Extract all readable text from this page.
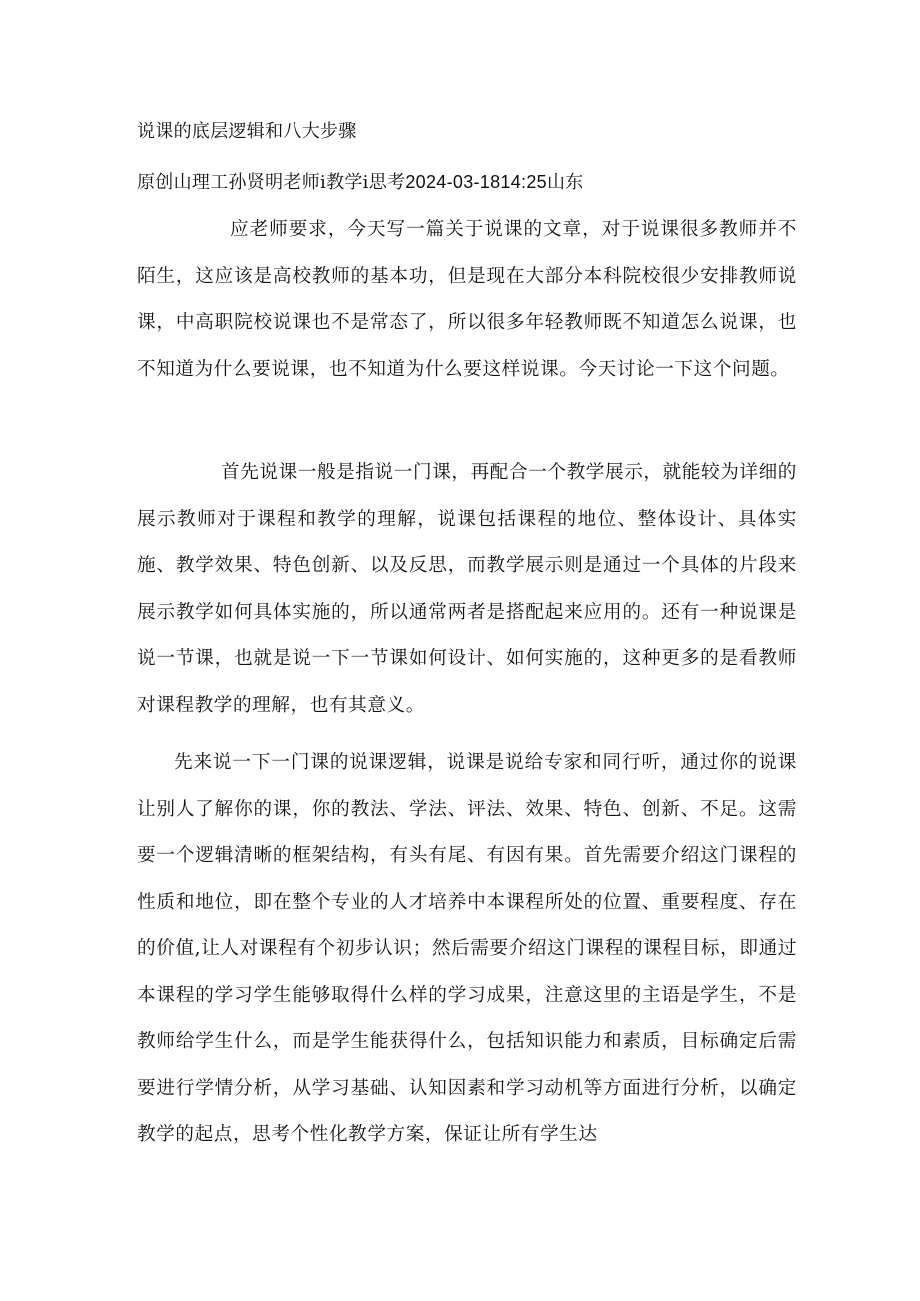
说课的底层逻辑和八大步骤
原创山理工孙贤明老师i教学i思考2024-03-1814:25山东

应老师要求，今天写一篇关于说课的文章，对于说课很多教师并不陌生，这应该是高校教师的基本功，但是现在大部分本科院校很少安排教师说课，中高职院校说课也不是常态了，所以很多年轻教师既不知道怎么说课，也不知道为什么要说课，也不知道为什么要这样说课。今天讨论一下这个问题。

首先说课一般是指说一门课，再配合一个教学展示，就能较为详细的展示教师对于课程和教学的理解，说课包括课程的地位、整体设计、具体实施、教学效果、特色创新、以及反思，而教学展示则是通过一个具体的片段来展示教学如何具体实施的，所以通常两者是搭配起来应用的。还有一种说课是说一节课，也就是说一下一节课如何设计、如何实施的，这种更多的是看教师对课程教学的理解，也有其意义。

先来说一下一门课的说课逻辑，说课是说给专家和同行听，通过你的说课让别人了解你的课，你的教法、学法、评法、效果、特色、创新、不足。这需要一个逻辑清晰的框架结构，有头有尾、有因有果。首先需要介绍这门课程的性质和地位，即在整个专业的人才培养中本课程所处的位置、重要程度、存在的价值,让人对课程有个初步认识；然后需要介绍这门课程的课程目标，即通过本课程的学习学生能够取得什么样的学习成果，注意这里的主语是学生，不是教师给学生什么，而是学生能获得什么，包括知识能力和素质，目标确定后需要进行学情分析，从学习基础、认知因素和学习动机等方面进行分析，以确定教学的起点，思考个性化教学方案，保证让所有学生达
